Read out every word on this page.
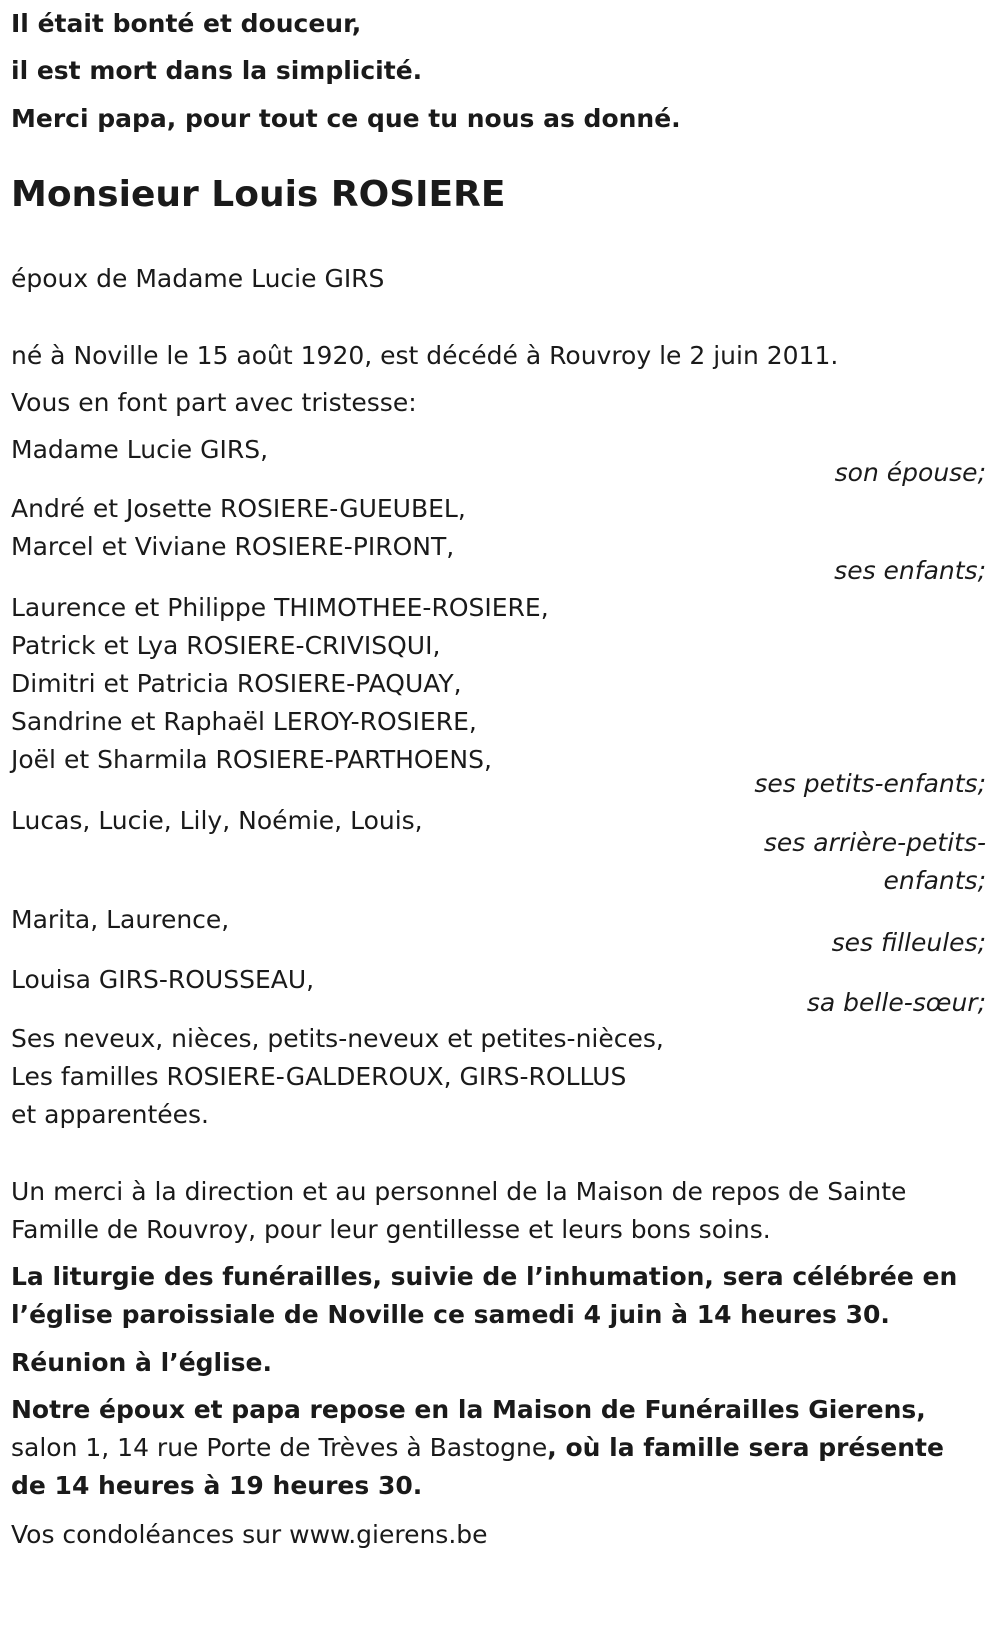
Il était bonté et douceur,

il est mort dans la simplicité.

Merci papa, pour tout ce que tu nous as donné.

Monsieur Louis ROSIERE

époux de Madame Lucie GIRS

né à Noville le 15 août 1920, est décédé à Rouvroy le 2 juin 2011.

Vous en font part avec tristesse:

Madame Lucie GIRS,

son épouse;

André et Josette ROSIERE-GUEUBEL,
Marcel et Viviane ROSIERE-PIRONT,

ses enfants;

Laurence et Philippe THIMOTHEE-ROSIERE,
Patrick et Lya ROSIERE-CRIVISQUI,
Dimitri et Patricia ROSIERE-PAQUAY,
Sandrine et Raphaël LEROY-ROSIERE,
Joël et Sharmila ROSIERE-PARTHOENS,

ses petits-enfants;

Lucas, Lucie, Lily, Noémie, Louis,

ses arrière-petits-
enfants;

Marita, Laurence,

ses filleules;

Louisa GIRS-ROUSSEAU,

sa belle-sœur;

Ses neveux, nièces, petits-neveux et petites-nièces,
Les familles ROSIERE-GALDEROUX, GIRS-ROLLUS
et apparentées.

Un merci à la direction et au personnel de la Maison de repos de Sainte Famille de Rouvroy, pour leur gentillesse et leurs bons soins.

La liturgie des funérailles, suivie de l’inhumation, sera célébrée en l’église paroissiale de Noville ce samedi 4 juin à 14 heures 30.

Réunion à l’église.

Notre époux et papa repose en la Maison de Funérailles Gierens, salon 1, 14 rue Porte de Trèves à Bastogne, où la famille sera présente de 14 heures à 19 heures 30.

Vos condoléances sur www.gierens.be
